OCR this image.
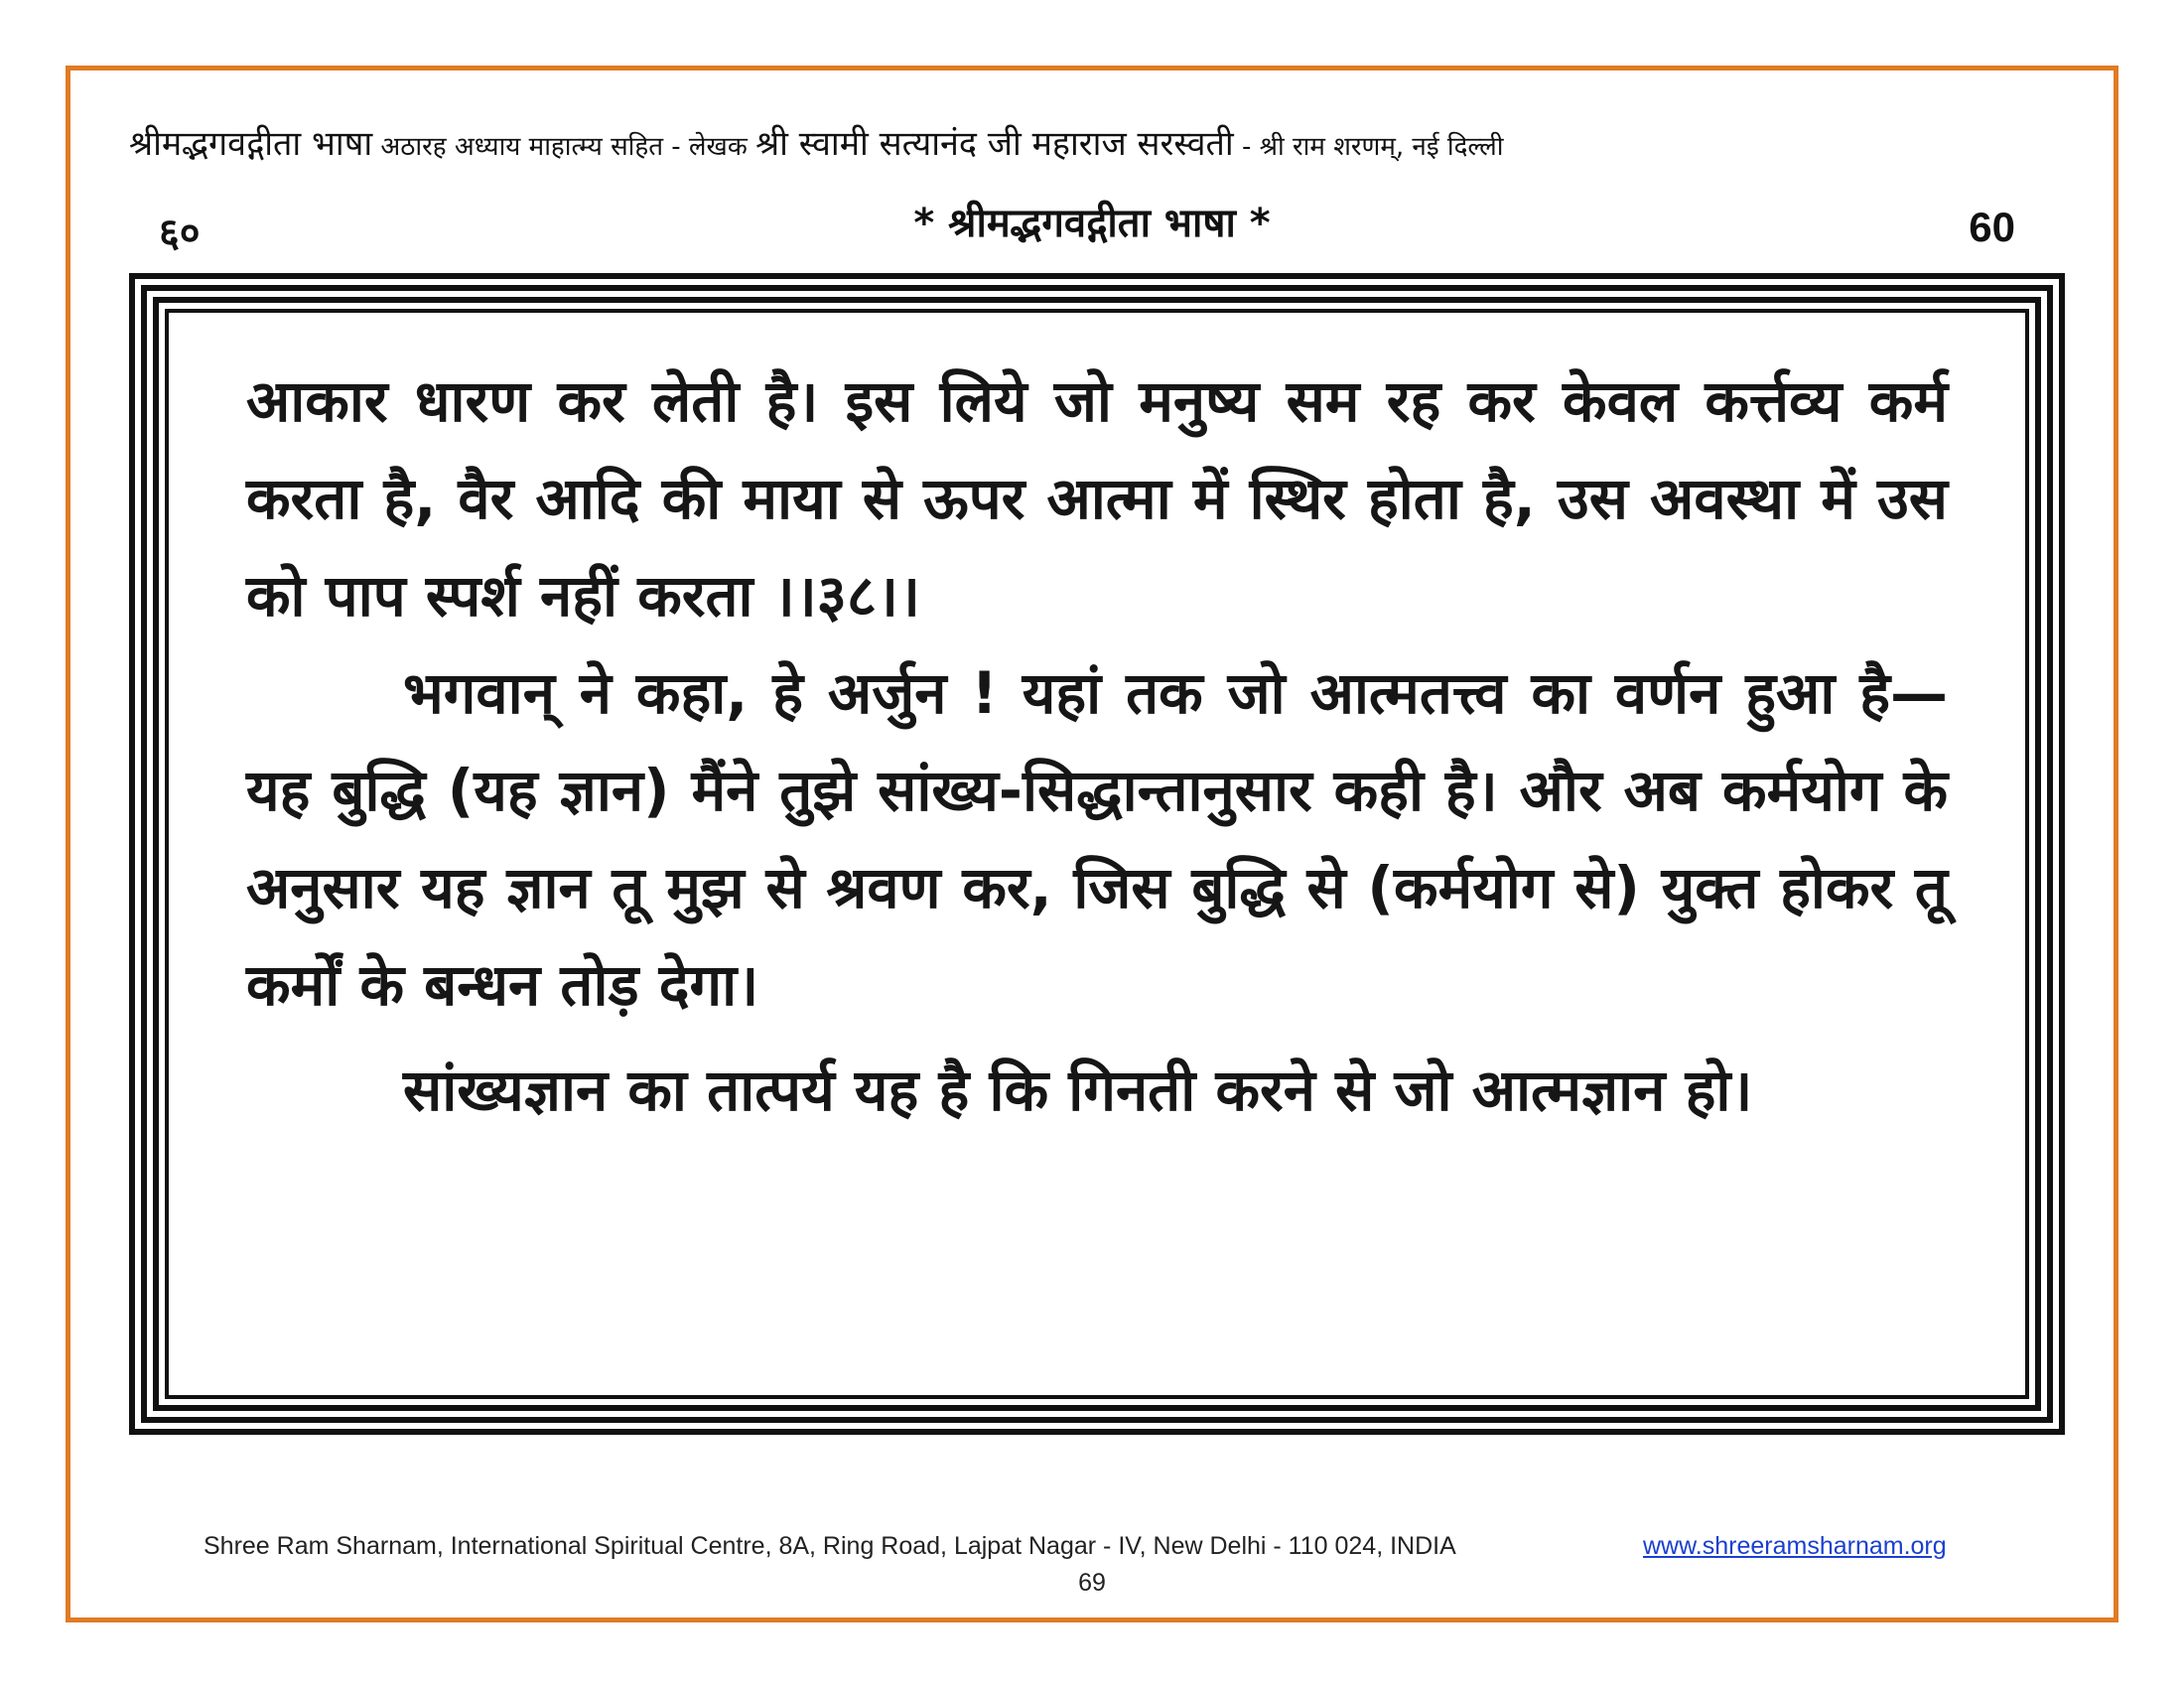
श्रीमद्भगवद्गीता भाषा अठारह अध्याय माहात्म्य सहित - लेखक श्री स्वामी सत्यानंद जी महाराज सरस्वती - श्री राम शरणम्, नई दिल्ली
६०	* श्रीमद्भगवद्गीता भाषा *	60

आकार धारण कर लेती है। इस लिये जो मनुष्य सम रह कर केवल कर्त्तव्य कर्म करता है, वैर आदि की माया से ऊपर आत्मा में स्थिर होता है, उस अवस्था में उस को पाप स्पर्श नहीं करता ।।३८।।

भगवान् ने कहा, हे अर्जुन ! यहां तक जो आत्मतत्त्व का वर्णन हुआ है—यह बुद्धि (यह ज्ञान) मैंने तुझे सांख्य-सिद्धान्तानुसार कही है। और अब कर्मयोग के अनुसार यह ज्ञान तू मुझ से श्रवण कर, जिस बुद्धि से (कर्मयोग से) युक्त होकर तू कर्मों के बन्धन तोड़ देगा।

सांख्यज्ञान का तात्पर्य यह है कि गिनती करने से जो आत्मज्ञान हो।

Shree Ram Sharnam, International Spiritual Centre, 8A, Ring Road, Lajpat Nagar - IV, New Delhi - 110 024, INDIA	www.shreeramsharnam.org
69
